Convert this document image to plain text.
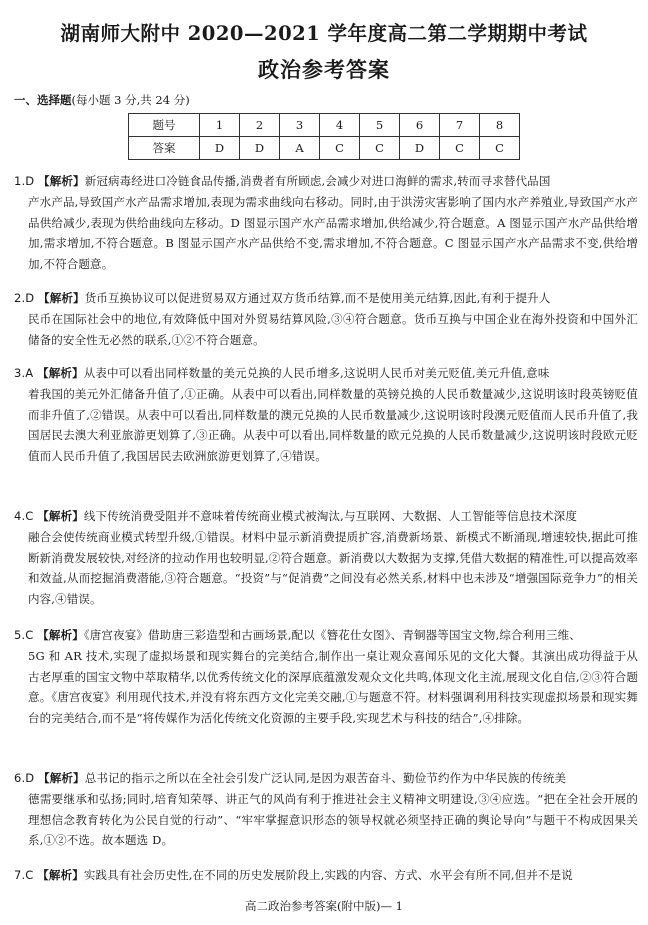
湖南师大附中 2020—2021 学年度高二第二学期期中考试
政治参考答案
一、选择题(每小题 3 分,共 24 分)
题号	1	2	3	4	5	6	7	8
答案	D	D	A	C	C	D	C	C
1.D 【解析】新冠病毒经进口冷链食品传播,消费者有所顾虑,会减少对进口海鲜的需求,转而寻求替代品国
产水产品,导致国产水产品需求增加,表现为需求曲线向右移动。同时,由于洪涝灾害影响了国内水产养殖业,导致国产水产品供给减少,表现为供给曲线向左移动。D 图显示国产水产品需求增加,供给减少,符合题意。A 图显示国产水产品供给增加,需求增加,不符合题意。B 图显示国产水产品供给不变,需求增加,不符合题意。C 图显示国产水产品需求不变,供给增加,不符合题意。
2.D 【解析】货币互换协议可以促进贸易双方通过双方货币结算,而不是使用美元结算,因此,有利于提升人
民币在国际社会中的地位,有效降低中国对外贸易结算风险,③④符合题意。货币互换与中国企业在海外投资和中国外汇储备的安全性无必然的联系,①②不符合题意。
3.A 【解析】从表中可以看出同样数量的美元兑换的人民币增多,这说明人民币对美元贬值,美元升值,意味
着我国的美元外汇储备升值了,①正确。从表中可以看出,同样数量的英镑兑换的人民币数量减少,这说明该时段英镑贬值而非升值了,②错误。从表中可以看出,同样数量的澳元兑换的人民币数量减少,这说明该时段澳元贬值而人民币升值了,我国居民去澳大利亚旅游更划算了,③正确。从表中可以看出,同样数量的欧元兑换的人民币数量减少,这说明该时段欧元贬值而人民币升值了,我国居民去欧洲旅游更划算了,④错误。
4.C 【解析】线下传统消费受阻并不意味着传统商业模式被淘汰,与互联网、大数据、人工智能等信息技术深度
融合会使传统商业模式转型升级,①错误。材料中显示新消费提质扩容,消费新场景、新模式不断涌现,增速较快,据此可推断新消费发展较快,对经济的拉动作用也较明显,②符合题意。新消费以大数据为支撑,凭借大数据的精准性,可以提高效率和效益,从而挖掘消费潜能,③符合题意。“投资”与“促消费”之间没有必然关系,材料中也未涉及“增强国际竞争力”的相关内容,④错误。
5.C 【解析】《唐宫夜宴》借助唐三彩造型和古画场景,配以《簪花仕女图》、青铜器等国宝文物,综合利用三维、
5G 和 AR 技术,实现了虚拟场景和现实舞台的完美结合,制作出一桌让观众喜闻乐见的文化大餐。其演出成功得益于从古老厚重的国宝文物中萃取精华,以优秀传统文化的深厚底蕴激发观众文化共鸣,体现文化主流,展现文化自信,②③符合题意。《唐宫夜宴》利用现代技术,并没有将东西方文化完美交融,①与题意不符。材料强调利用科技实现虚拟场景和现实舞台的完美结合,而不是“将传媒作为活化传统文化资源的主要手段,实现艺术与科技的结合”,④排除。
6.D 【解析】总书记的指示之所以在全社会引发广泛认同,是因为艰苦奋斗、勤俭节约作为中华民族的传统美
德需要继承和弘扬;同时,培育知荣辱、讲正气的风尚有利于推进社会主义精神文明建设,③④应选。“把在全社会开展的理想信念教育转化为公民自觉的行动”、“牢牢掌握意识形态的领导权就必须坚持正确的舆论导向”与题干不构成因果关系,①②不选。故本题选 D。
7.C 【解析】实践具有社会历史性,在不同的历史发展阶段上,实践的内容、方式、水平会有所不同,但并不是说
高二政治参考答案(附中版)— 1
